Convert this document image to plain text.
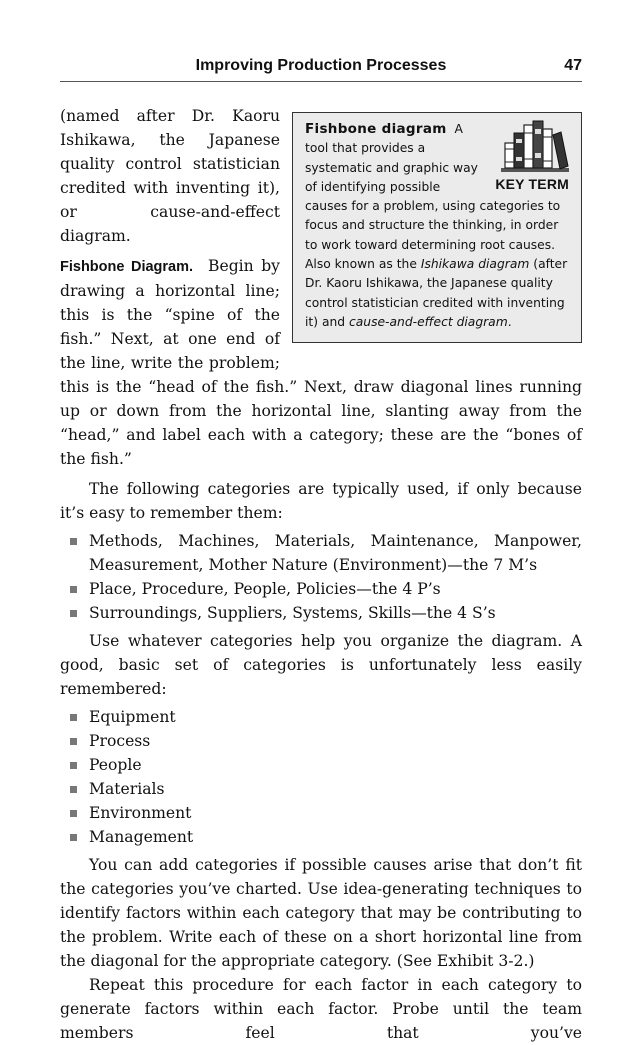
Improving Production Processes	47
Fishbone diagram A tool that provides a systematic and graphic way of identifying possible causes for a problem, using categories to focus and structure the thinking, in order to work toward determining root causes. Also known as the Ishikawa diagram (after Dr. Kaoru Ishikawa, the Japanese quality control statistician credited with inventing it) and cause-and-effect diagram.
KEY TERM

(named after Dr. Kaoru Ishikawa, the Japanese quality control statistician credited with inventing it), or cause-and-effect diagram.

Fishbone Diagram. Begin by drawing a horizontal line; this is the “spine of the fish.” Next, at one end of the line, write the problem; this is the “head of the fish.” Next, draw diagonal lines running up or down from the horizontal line, slanting away from the “head,” and label each with a category; these are the “bones of the fish.”

The following categories are typically used, if only because it’s easy to remember them:

Methods, Machines, Materials, Maintenance, Manpower, Measurement, Mother Nature (Environment)—the 7 M’s
Place, Procedure, People, Policies—the 4 P’s
Surroundings, Suppliers, Systems, Skills—the 4 S’s

Use whatever categories help you organize the diagram. A good, basic set of categories is unfortunately less easily remembered:

Equipment
Process
People
Materials
Environment
Management

You can add categories if possible causes arise that don’t fit the categories you’ve charted. Use idea-generating techniques to identify factors within each category that may be contributing to the problem. Write each of these on a short horizontal line from the diagonal for the appropriate category. (See Exhibit 3-2.)

Repeat this procedure for each factor in each category to generate factors within each factor. Probe until the team members feel that you’ve
